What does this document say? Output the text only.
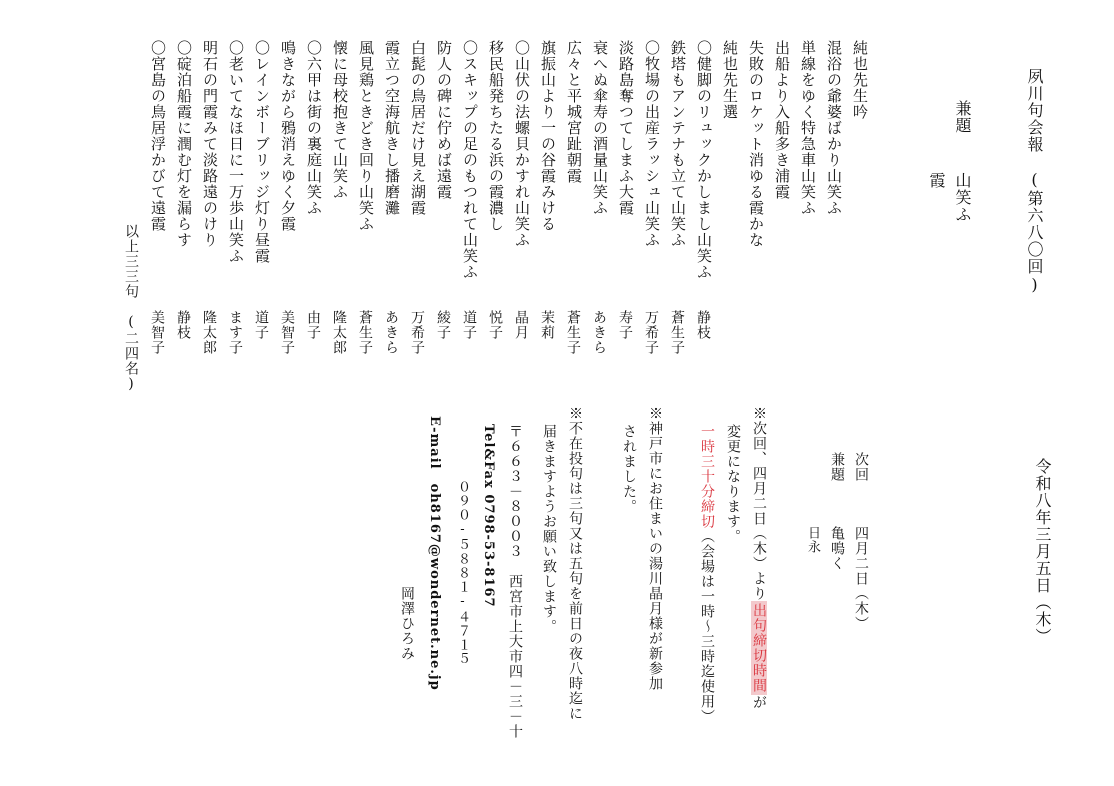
夙川句会報　(第六八〇回)
兼題
山笑ふ
霞
純也先生吟
純也先生選	混浴の爺婆ばかり山笑ふ
単線をゆく特急車山笑ふ
出船より入船多き浦霞
失敗のロケット消ゆる霞かな
〇健脚のリュックかしまし山笑ふ
静枝
鉄塔もアンテナも立て山笑ふ
蒼生子
〇牧場の出産ラッシュ山笑ふ
万希子
淡路島奪つてしまふ大霞
寿子
衰へぬ傘寿の酒量山笑ふ
あきら
広々と平城宮趾朝霞
蒼生子
旗振山より一の谷霞みける
茉莉
〇山伏の法螺貝かすれ山笑ふ
晶月
移民船発ちたる浜の霞濃し
悦子
〇スキップの足のもつれて山笑ふ
道子
防人の碑に佇めば遠霞
綾子
白髭の鳥居だけ見え湖霞
万希子
霞立つ空海航きし播磨灘
あきら
風見鶏ときどき回り山笑ふ
蒼生子
懐に母校抱きて山笑ふ
隆太郎
〇六甲は街の裏庭山笑ふ
由子
鳴きながら鴉消えゆく夕霞
美智子
〇レインボーブリッジ灯り昼霞
道子
〇老いてなほ日に一万歩山笑ふ
ます子
明石の門霞みて淡路遠のけり
隆太郎
〇碇泊船霞に潤む灯を漏らす
静枝
〇宮島の鳥居浮かびて遠霞
美智子
以上三三句　(二四名)
令和八年三月五日（木）
次回
四月二日（木）
兼題
亀鳴く
日永
※次回、四月二日（木）より出句締切時間が
変更になります。
一時三十分締切（会場は一時～三時迄使用）
※神戸市にお住まいの湯川晶月様が新参加
されました。
※不在投句は三句又は五句を前日の夜八時迄に
届きますようお願い致します。
〒６６３－８００３　西宮市上大市四－三－十
Tel&Fax 0798-53-8167
０９０-５８８１-４７１５
E-mail　oh8167@wondernet.ne.jp
岡澤ひろみ
